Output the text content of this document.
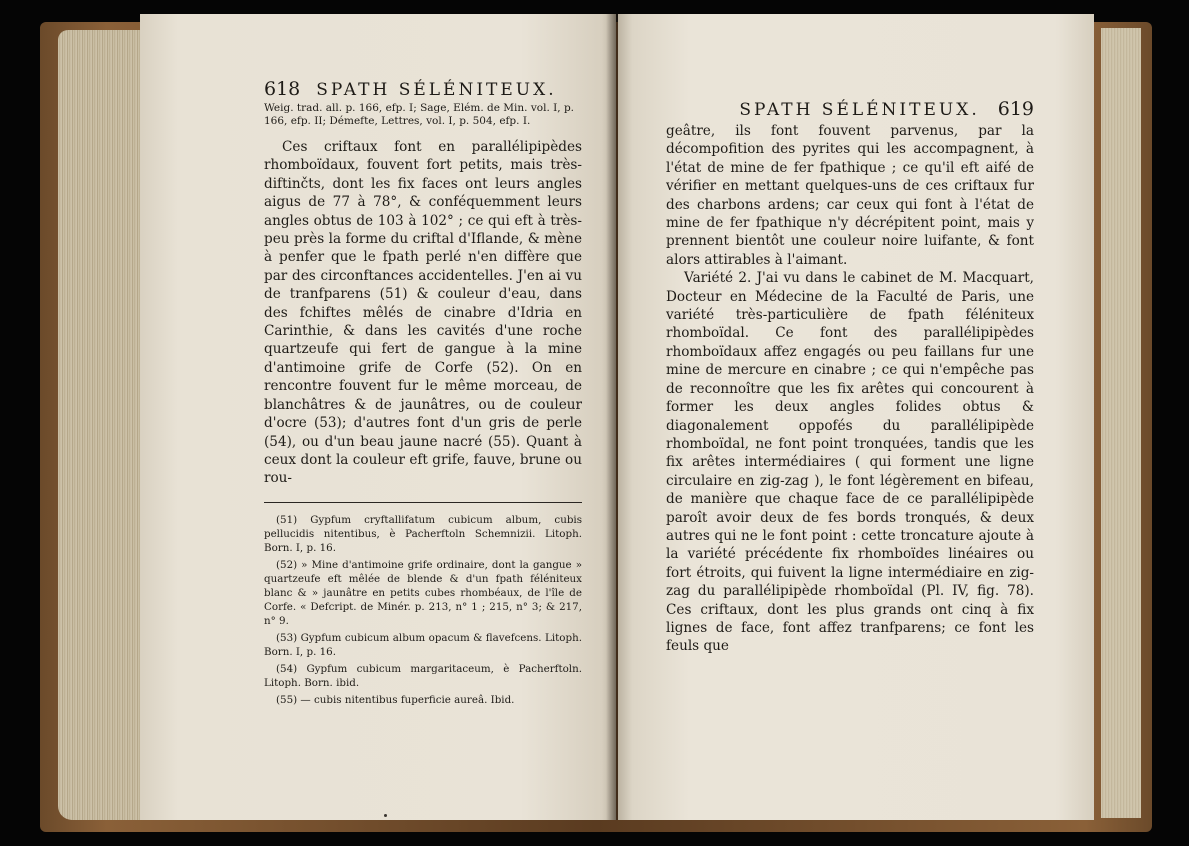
618 SPATH SÉLÉNITEUX.
Weig. trad. all. p. 166, efp. I; Sage, Elém. de Min. vol. I, p. 166, efp. II; Démefte, Lettres, vol. I, p. 504, efp. I.

Ces criftaux font en parallélipipèdes rhomboïdaux, fouvent fort petits, mais très-diftinčts, dont les fix faces ont leurs angles aigus de 77 à 78°, & conféquemment leurs angles obtus de 103 à 102° ; ce qui eft à très-peu près la forme du criftal d'Iflande, & mène à penfer que le fpath perlé n'en diffère que par des circonftances accidentelles. J'en ai vu de tranfparens (51) & couleur d'eau, dans des fchiftes mêlés de cinabre d'Idria en Carinthie, & dans les cavités d'une roche quartzeufe qui fert de gangue à la mine d'antimoine grife de Corfe (52). On en rencontre fouvent fur le même morceau, de blanchâtres & de jaunâtres, ou de couleur d'ocre (53); d'autres font d'un gris de perle (54), ou d'un beau jaune nacré (55). Quant à ceux dont la couleur eft grife, fauve, brune ou rou-

(51) Gypfum cryftallifatum cubicum album, cubis pellucidis nitentibus, è Pacherftoln Schemnizii. Litoph. Born. I, p. 16.

(52) » Mine d'antimoine grife ordinaire, dont la gangue » quartzeufe eft mêlée de blende & d'un fpath féléniteux blanc & » jaunâtre en petits cubes rhombéaux, de l'île de Corfe. « Defcript. de Minér. p. 213, n° 1 ; 215, n° 3; & 217, n° 9.

(53) Gypfum cubicum album opacum & flavefcens. Litoph. Born. I, p. 16.

(54) Gypfum cubicum margaritaceum, è Pacherftoln. Litoph. Born. ibid.

(55) — cubis nitentibus fuperficie aureâ. Ibid.

SPATH SÉLÉNITEUX. 619

geâtre, ils font fouvent parvenus, par la décompofition des pyrites qui les accompagnent, à l'état de mine de fer fpathique ; ce qu'il eft aifé de vérifier en mettant quelques-uns de ces criftaux fur des charbons ardens; car ceux qui font à l'état de mine de fer fpathique n'y décrépitent point, mais y prennent bientôt une couleur noire luifante, & font alors attirables à l'aimant.

Variété 2. J'ai vu dans le cabinet de M. Macquart, Docteur en Médecine de la Faculté de Paris, une variété très-particulière de fpath féléniteux rhomboïdal. Ce font des parallélipipèdes rhomboïdaux affez engagés ou peu faillans fur une mine de mercure en cinabre ; ce qui n'empêche pas de reconnoître que les fix arêtes qui concourent à former les deux angles folides obtus & diagonalement oppofés du parallélipipède rhomboïdal, ne font point tronquées, tandis que les fix arêtes intermédiaires ( qui forment une ligne circulaire en zig-zag ), le font légèrement en bifeau, de manière que chaque face de ce parallélipipède paroît avoir deux de fes bords tronqués, & deux autres qui ne le font point : cette troncature ajoute à la variété précédente fix rhomboïdes linéaires ou fort étroits, qui fuivent la ligne intermédiaire en zig-zag du parallélipipède rhomboïdal (Pl. IV, fig. 78). Ces criftaux, dont les plus grands ont cinq à fix lignes de face, font affez tranfparens; ce font les feuls que
